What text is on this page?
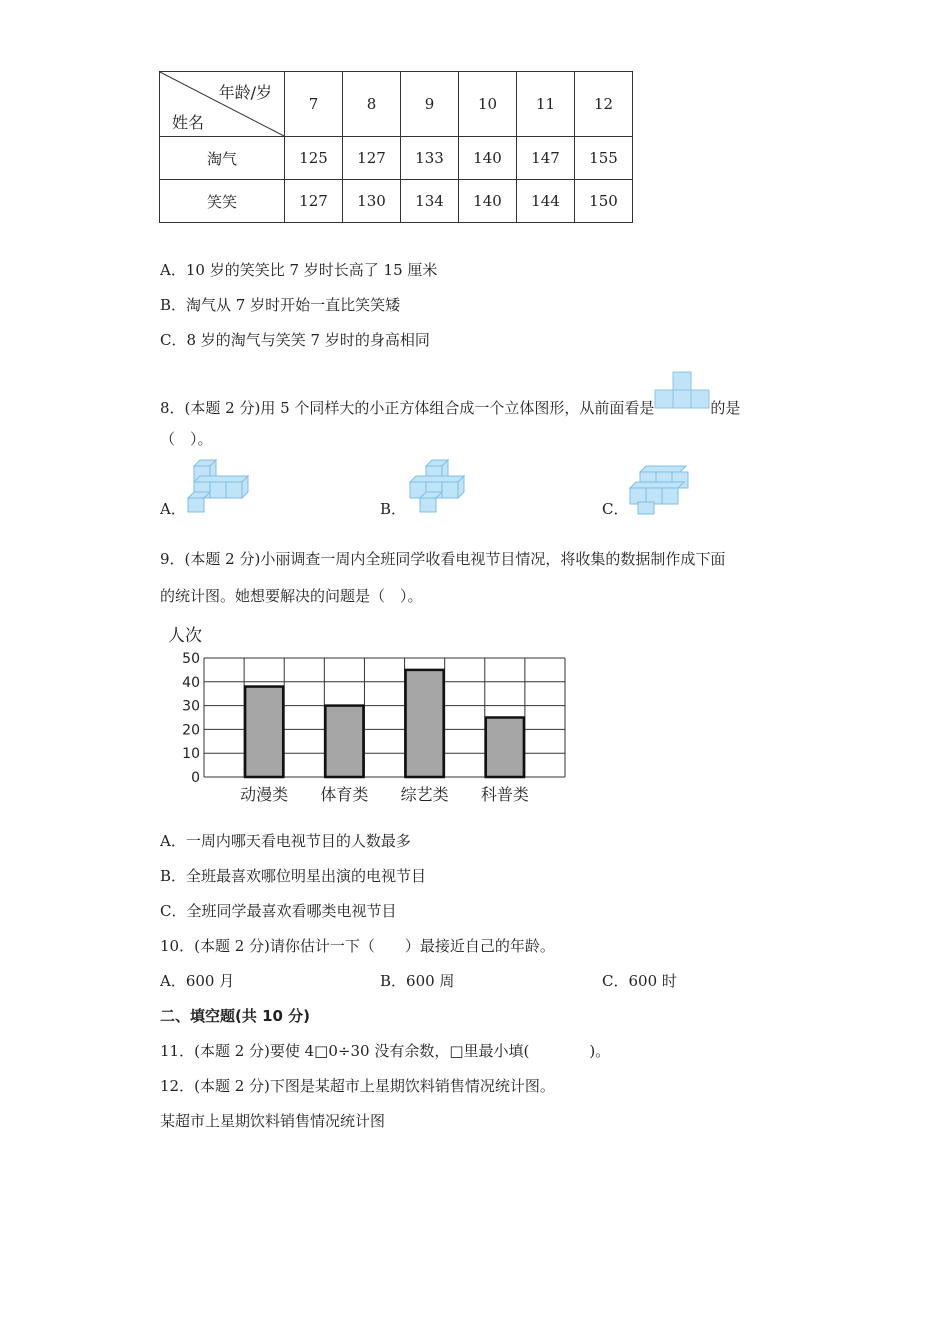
年龄/岁
姓名	7	8	9	10	11	12
淘气	125	127	133	140	147	155
笑笑	127	130	134	140	144	150
A．10 岁的笑笑比 7 岁时长高了 15 厘米
B．淘气从 7 岁时开始一直比笑笑矮
C．8 岁的淘气与笑笑 7 岁时的身高相同
8．(本题 2 分)用 5 个同样大的小正方体组合成一个立体图形，从前面看是	的是
（　）。
A．	B．	C．
9．(本题 2 分)小丽调查一周内全班同学收看电视节目情况，将收集的数据制作成下面
的统计图。她想要解决的问题是（　）。
人次
0
10
20
30
40
50
动漫类 体育类 综艺类 科普类
A．一周内哪天看电视节目的人数最多
B．全班最喜欢哪位明星出演的电视节目
C．全班同学最喜欢看哪类电视节目
10．(本题 2 分)请你估计一下（　　）最接近自己的年龄。
A．600 月	B．600 周	C．600 时
二、填空题(共 10 分)
11．(本题 2 分)要使 4□0÷30 没有余数，□里最小填(　　　　)。
12．(本题 2 分)下图是某超市上星期饮料销售情况统计图。
某超市上星期饮料销售情况统计图
